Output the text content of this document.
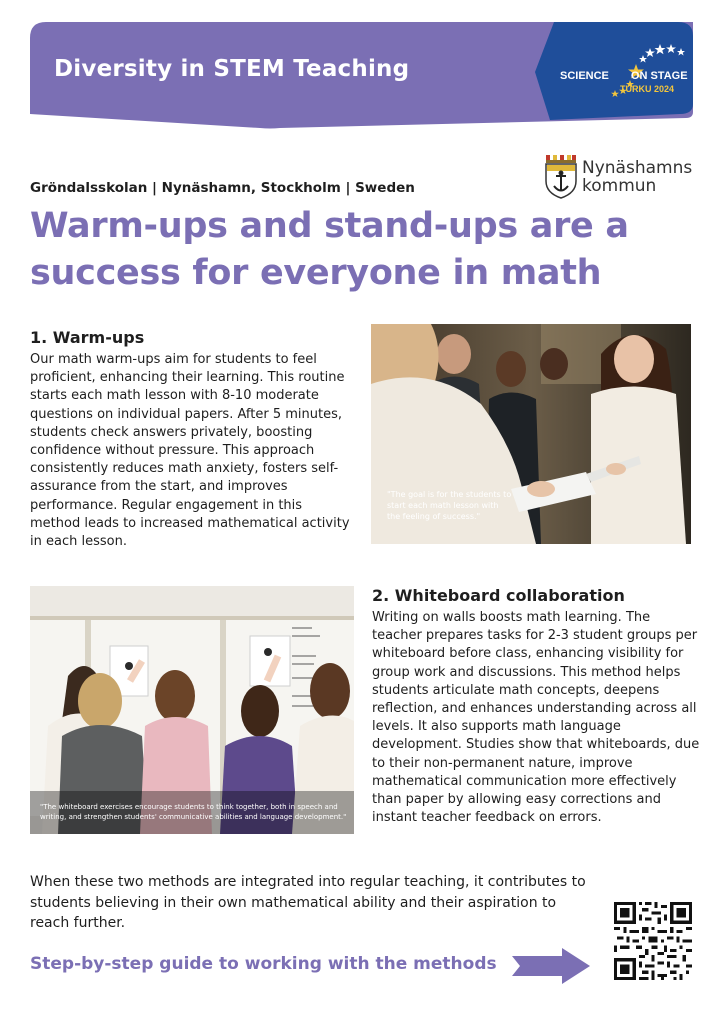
Diversity in STEM Teaching	SCIENCE ON STAGE
TURKU 2024
Gröndalsskolan | Nynäshamn, Stockholm | Sweden
Nynäshamns
kommun
Warm-ups and stand-ups are a success for everyone in math
1. Warm-ups

Our math warm-ups aim for students to feel proficient, enhancing their learning. This routine starts each math lesson with 8-10 moderate questions on individual papers. After 5 minutes, students check answers privately, boosting confidence without pressure. This approach consistently reduces math anxiety, fosters self-assurance from the start, and improves performance. Regular engagement in this method leads to increased mathematical activity in each lesson.

"The goal is for the students to start each math lesson with the feeling of success."
"The whiteboard exercises encourage students to think together, both in speech and writing, and strengthen students' communicative abilities and language development."
2. Whiteboard collaboration

Writing on walls boosts math learning. The teacher prepares tasks for 2-3 student groups per whiteboard before class, enhancing visibility for group work and discussions. This method helps students articulate math concepts, deepens reflection, and enhances understanding across all levels. It also supports math language development. Studies show that whiteboards, due to their non-permanent nature, improve mathematical communication more effectively than paper by allowing easy corrections and instant teacher feedback on errors.

When these two methods are integrated into regular teaching, it contributes to students believing in their own mathematical ability and their aspiration to reach further.

Step-by-step guide to working with the methods
